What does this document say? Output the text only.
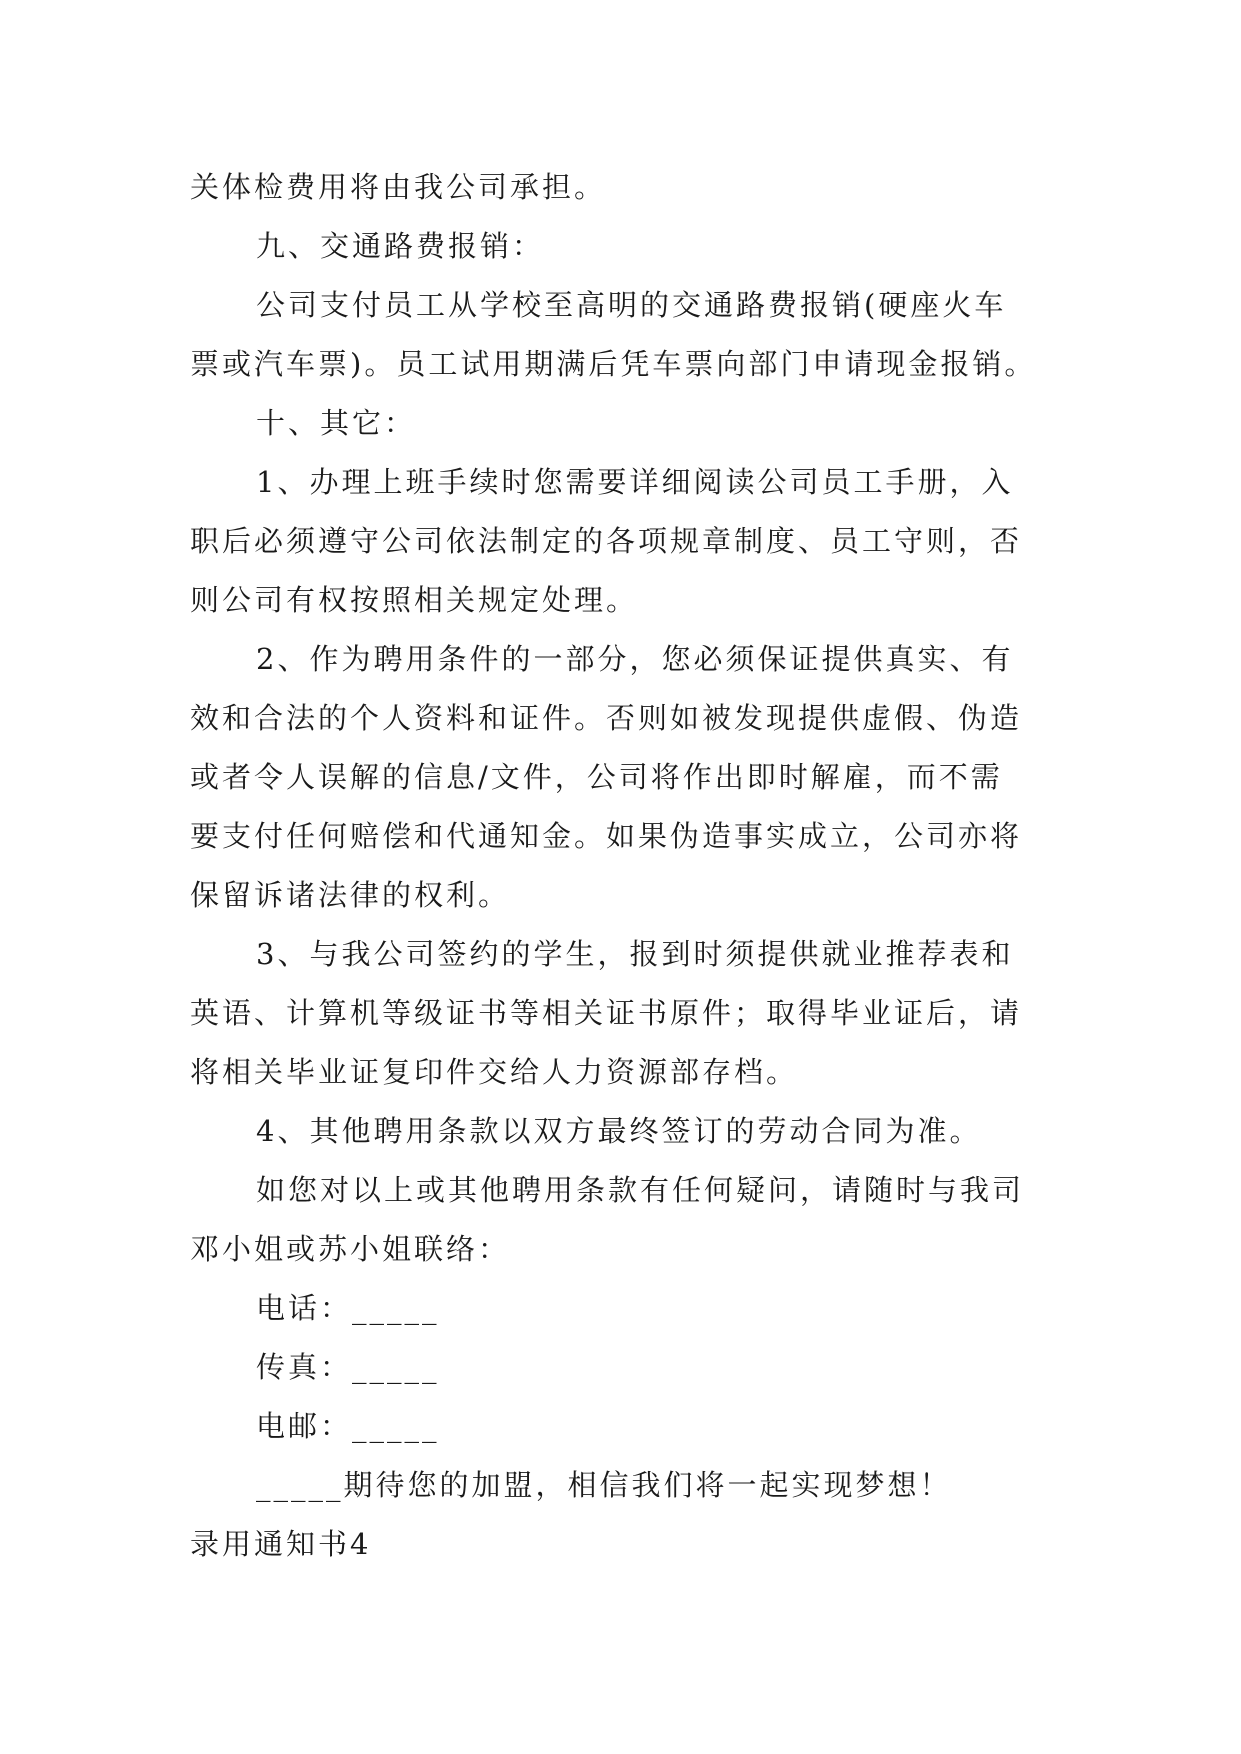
关体检费用将由我公司承担。

九、交通路费报销：

公司支付员工从学校至高明的交通路费报销(硬座火车

票或汽车票)。员工试用期满后凭车票向部门申请现金报销。

十、其它：

1、办理上班手续时您需要详细阅读公司员工手册，入

职后必须遵守公司依法制定的各项规章制度、员工守则，否

则公司有权按照相关规定处理。

2、作为聘用条件的一部分，您必须保证提供真实、有

效和合法的个人资料和证件。否则如被发现提供虚假、伪造

或者令人误解的信息/文件，公司将作出即时解雇，而不需

要支付任何赔偿和代通知金。如果伪造事实成立，公司亦将

保留诉诸法律的权利。

3、与我公司签约的学生，报到时须提供就业推荐表和

英语、计算机等级证书等相关证书原件；取得毕业证后，请

将相关毕业证复印件交给人力资源部存档。

4、其他聘用条款以双方最终签订的劳动合同为准。

如您对以上或其他聘用条款有任何疑问，请随时与我司

邓小姐或苏小姐联络：

电话：_____

传真：_____

电邮：_____

_____期待您的加盟，相信我们将一起实现梦想！

录用通知书4
